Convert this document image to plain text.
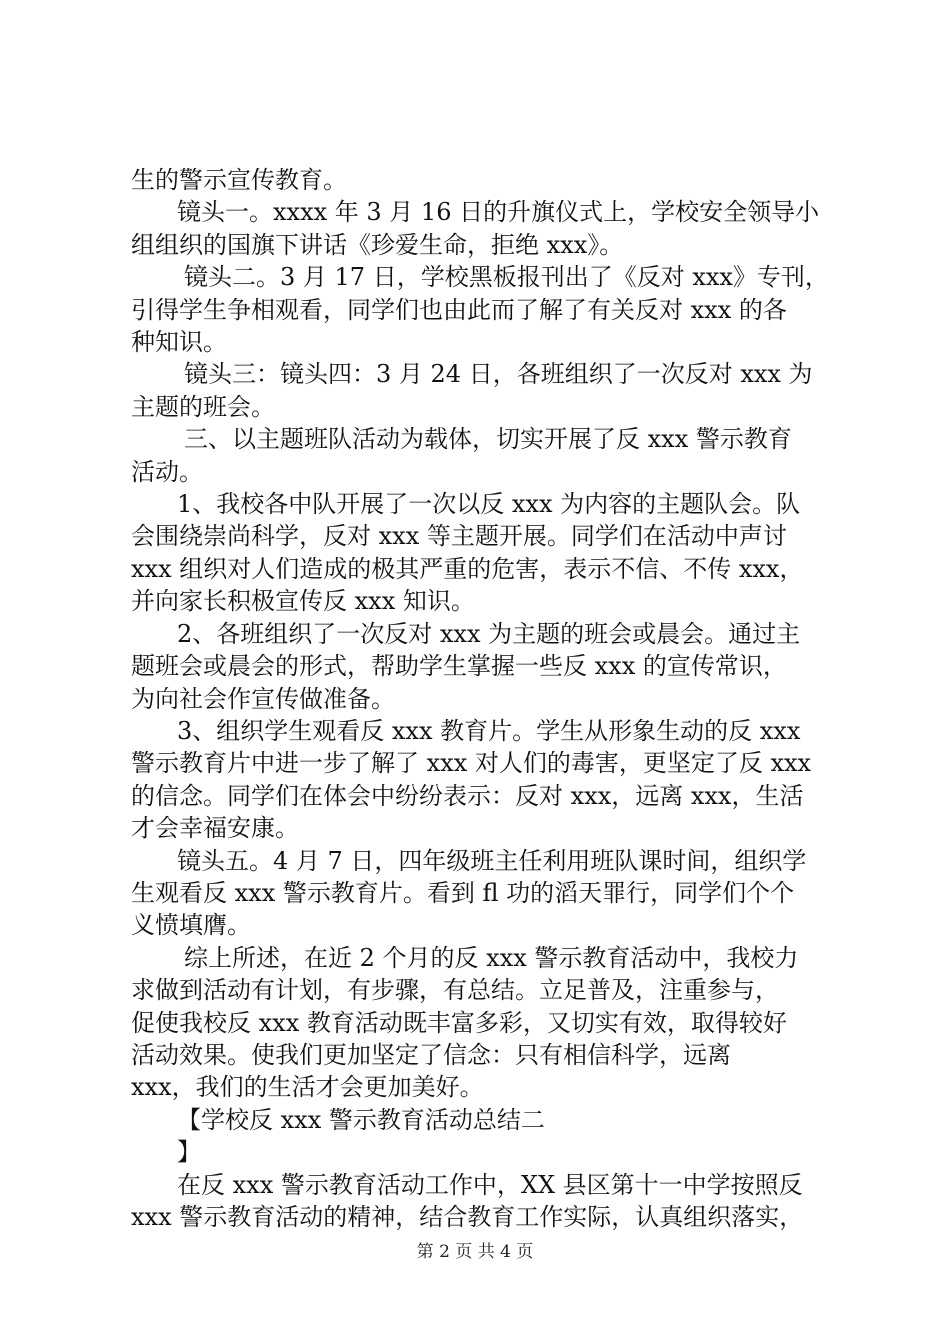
生的警示宣传教育。
镜头一。xxxx 年 3 月 16 日的升旗仪式上，学校安全领导小
组组织的国旗下讲话《珍爱生命，拒绝 xxx》。
镜头二。3 月 17 日，学校黑板报刊出了《反对 xxx》专刊，
引得学生争相观看，同学们也由此而了解了有关反对 xxx 的各
种知识。
镜头三：镜头四：3 月 24 日，各班组织了一次反对 xxx 为
主题的班会。
三、以主题班队活动为载体，切实开展了反 xxx 警示教育
活动。
1、我校各中队开展了一次以反 xxx 为内容的主题队会。队
会围绕崇尚科学，反对 xxx 等主题开展。同学们在活动中声讨
xxx 组织对人们造成的极其严重的危害，表示不信、不传 xxx，
并向家长积极宣传反 xxx 知识。
2、各班组织了一次反对 xxx 为主题的班会或晨会。通过主
题班会或晨会的形式，帮助学生掌握一些反 xxx 的宣传常识，
为向社会作宣传做准备。
3、组织学生观看反 xxx 教育片。学生从形象生动的反 xxx
警示教育片中进一步了解了 xxx 对人们的毒害，更坚定了反 xxx
的信念。同学们在体会中纷纷表示：反对 xxx，远离 xxx，生活
才会幸福安康。
镜头五。4 月 7 日，四年级班主任利用班队课时间，组织学
生观看反 xxx 警示教育片。看到 fl 功的滔天罪行，同学们个个
义愤填膺。
综上所述，在近 2 个月的反 xxx 警示教育活动中，我校力
求做到活动有计划，有步骤，有总结。立足普及，注重参与，
促使我校反 xxx 教育活动既丰富多彩，又切实有效，取得较好
活动效果。使我们更加坚定了信念：只有相信科学，远离
xxx，我们的生活才会更加美好。
【学校反 xxx 警示教育活动总结二
】
在反 xxx 警示教育活动工作中，XX 县区第十一中学按照反
xxx 警示教育活动的精神，结合教育工作实际，认真组织落实，
第 2 页 共 4 页
